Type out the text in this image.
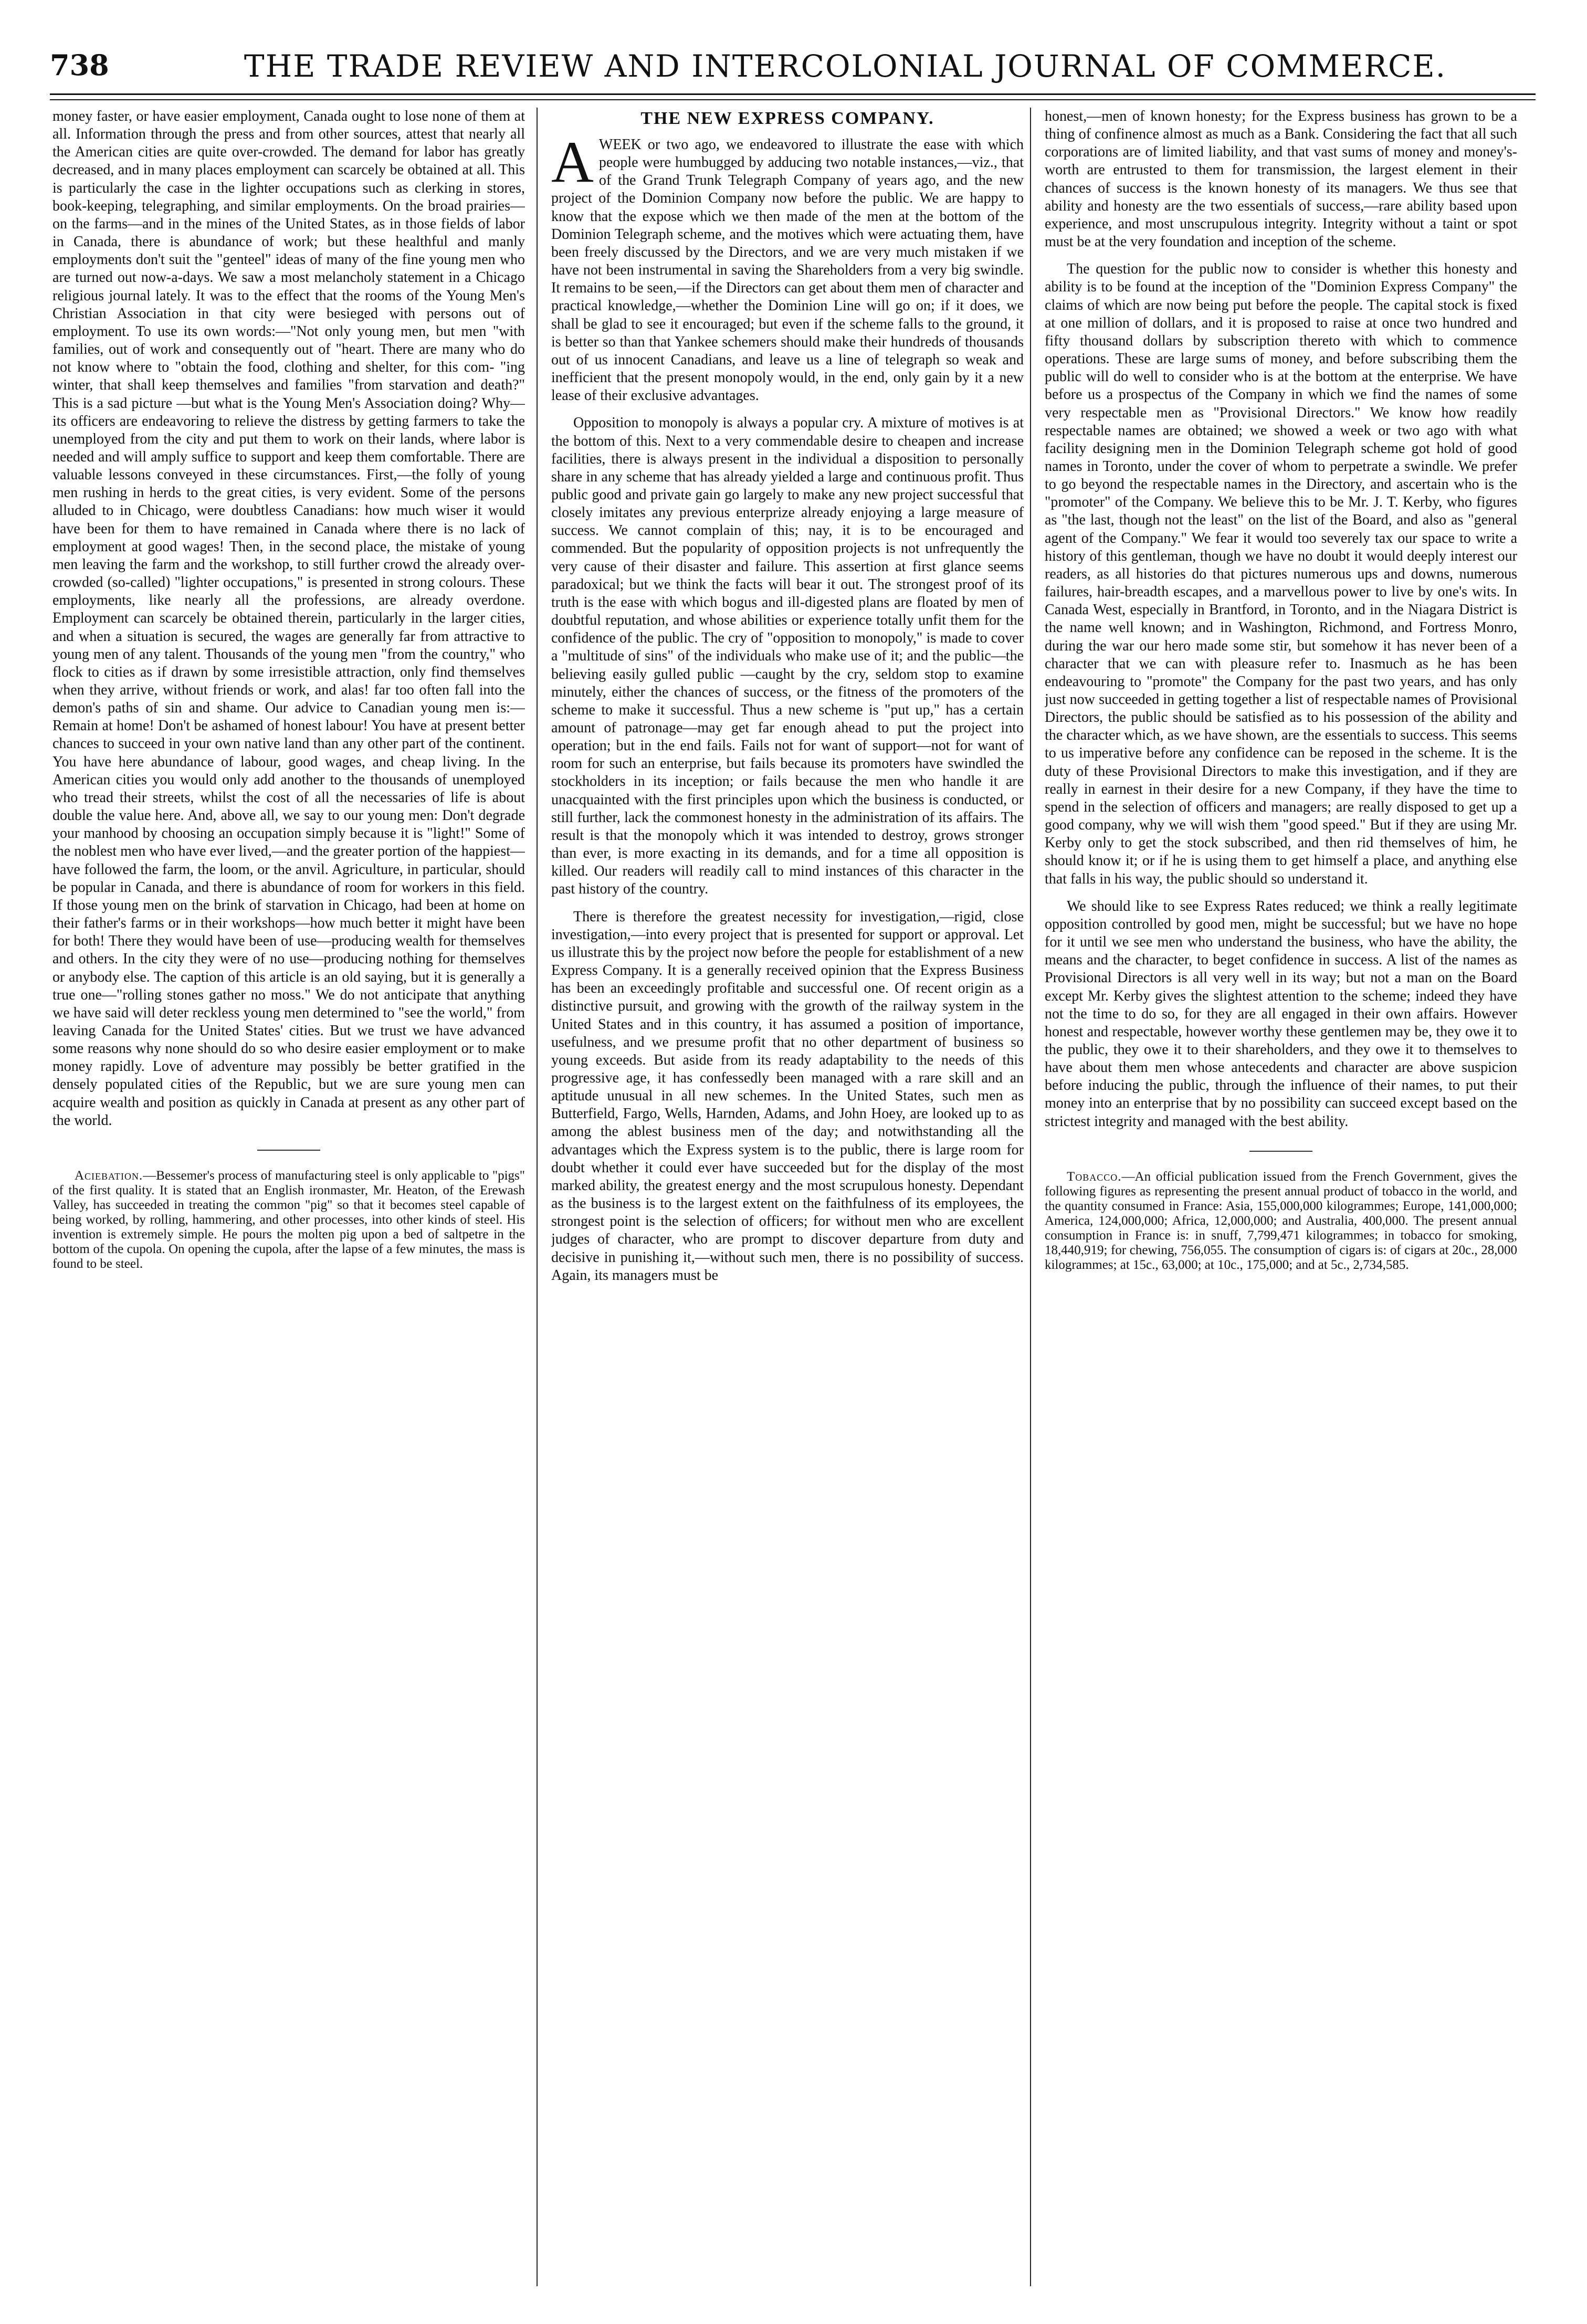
738	THE TRADE REVIEW AND INTERCOLONIAL JOURNAL OF COMMERCE.

money faster, or have easier employment, Canada ought to lose none of them at all. Information through the press and from other sources, attest that nearly all the American cities are quite over-crowded. The demand for labor has greatly decreased, and in many places employment can scarcely be obtained at all. This is particularly the case in the lighter occupations such as clerking in stores, book-keeping, telegraphing, and similar employments. On the broad prairies—on the farms—and in the mines of the United States, as in those fields of labor in Canada, there is abundance of work; but these healthful and manly employments don't suit the "genteel" ideas of many of the fine young men who are turned out now-a-days. We saw a most melancholy statement in a Chicago religious journal lately. It was to the effect that the rooms of the Young Men's Christian Association in that city were besieged with persons out of employment. To use its own words:—"Not only young men, but men "with families, out of work and consequently out of "heart. There are many who do not know where to "obtain the food, clothing and shelter, for this com- "ing winter, that shall keep themselves and families "from starvation and death?" This is a sad picture —but what is the Young Men's Association doing? Why—its officers are endeavoring to relieve the distress by getting farmers to take the unemployed from the city and put them to work on their lands, where labor is needed and will amply suffice to support and keep them comfortable. There are valuable lessons conveyed in these circumstances. First,—the folly of young men rushing in herds to the great cities, is very evident. Some of the persons alluded to in Chicago, were doubtless Canadians: how much wiser it would have been for them to have remained in Canada where there is no lack of employment at good wages! Then, in the second place, the mistake of young men leaving the farm and the workshop, to still further crowd the already over-crowded (so-called) "lighter occupations," is presented in strong colours. These employments, like nearly all the professions, are already overdone. Employment can scarcely be obtained therein, particularly in the larger cities, and when a situation is secured, the wages are generally far from attractive to young men of any talent. Thousands of the young men "from the country," who flock to cities as if drawn by some irresistible attraction, only find themselves when they arrive, without friends or work, and alas! far too often fall into the demon's paths of sin and shame. Our advice to Canadian young men is:—Remain at home! Don't be ashamed of honest labour! You have at present better chances to succeed in your own native land than any other part of the continent. You have here abundance of labour, good wages, and cheap living. In the American cities you would only add another to the thousands of unemployed who tread their streets, whilst the cost of all the necessaries of life is about double the value here. And, above all, we say to our young men: Don't degrade your manhood by choosing an occupation simply because it is "light!" Some of the noblest men who have ever lived,—and the greater portion of the happiest—have followed the farm, the loom, or the anvil. Agriculture, in particular, should be popular in Canada, and there is abundance of room for workers in this field. If those young men on the brink of starvation in Chicago, had been at home on their father's farms or in their workshops—how much better it might have been for both! There they would have been of use—producing wealth for themselves and others. In the city they were of no use—producing nothing for themselves or anybody else. The caption of this article is an old saying, but it is generally a true one—"rolling stones gather no moss." We do not anticipate that anything we have said will deter reckless young men determined to "see the world," from leaving Canada for the United States' cities. But we trust we have advanced some reasons why none should do so who desire easier employment or to make money rapidly. Love of adventure may possibly be better gratified in the densely populated cities of the Republic, but we are sure young men can acquire wealth and position as quickly in Canada at present as any other part of the world.

Aciebation.—Bessemer's process of manufacturing steel is only applicable to "pigs" of the first quality. It is stated that an English ironmaster, Mr. Heaton, of the Erewash Valley, has succeeded in treating the common "pig" so that it becomes steel capable of being worked, by rolling, hammering, and other processes, into other kinds of steel. His invention is extremely simple. He pours the molten pig upon a bed of saltpetre in the bottom of the cupola. On opening the cupola, after the lapse of a few minutes, the mass is found to be steel.

THE NEW EXPRESS COMPANY.

A WEEK or two ago, we endeavored to illustrate the ease with which people were humbugged by adducing two notable instances,—viz., that of the Grand Trunk Telegraph Company of years ago, and the new project of the Dominion Company now before the public. We are happy to know that the expose which we then made of the men at the bottom of the Dominion Telegraph scheme, and the motives which were actuating them, have been freely discussed by the Directors, and we are very much mistaken if we have not been instrumental in saving the Shareholders from a very big swindle. It remains to be seen,—if the Directors can get about them men of character and practical knowledge,—whether the Dominion Line will go on; if it does, we shall be glad to see it encouraged; but even if the scheme falls to the ground, it is better so than that Yankee schemers should make their hundreds of thousands out of us innocent Canadians, and leave us a line of telegraph so weak and inefficient that the present monopoly would, in the end, only gain by it a new lease of their exclusive advantages.

Opposition to monopoly is always a popular cry. A mixture of motives is at the bottom of this. Next to a very commendable desire to cheapen and increase facilities, there is always present in the individual a disposition to personally share in any scheme that has already yielded a large and continuous profit. Thus public good and private gain go largely to make any new project successful that closely imitates any previous enterprize already enjoying a large measure of success. We cannot complain of this; nay, it is to be encouraged and commended. But the popularity of opposition projects is not unfrequently the very cause of their disaster and failure. This assertion at first glance seems paradoxical; but we think the facts will bear it out. The strongest proof of its truth is the ease with which bogus and ill-digested plans are floated by men of doubtful reputation, and whose abilities or experience totally unfit them for the confidence of the public. The cry of "opposition to monopoly," is made to cover a "multitude of sins" of the individuals who make use of it; and the public—the believing easily gulled public —caught by the cry, seldom stop to examine minutely, either the chances of success, or the fitness of the promoters of the scheme to make it successful. Thus a new scheme is "put up," has a certain amount of patronage—may get far enough ahead to put the project into operation; but in the end fails. Fails not for want of support—not for want of room for such an enterprise, but fails because its promoters have swindled the stockholders in its inception; or fails because the men who handle it are unacquainted with the first principles upon which the business is conducted, or still further, lack the commonest honesty in the administration of its affairs. The result is that the monopoly which it was intended to destroy, grows stronger than ever, is more exacting in its demands, and for a time all opposition is killed. Our readers will readily call to mind instances of this character in the past history of the country.

There is therefore the greatest necessity for investigation,—rigid, close investigation,—into every project that is presented for support or approval. Let us illustrate this by the project now before the people for establishment of a new Express Company. It is a generally received opinion that the Express Business has been an exceedingly profitable and successful one. Of recent origin as a distinctive pursuit, and growing with the growth of the railway system in the United States and in this country, it has assumed a position of importance, usefulness, and we presume profit that no other department of business so young exceeds. But aside from its ready adaptability to the needs of this progressive age, it has confessedly been managed with a rare skill and an aptitude unusual in all new schemes. In the United States, such men as Butterfield, Fargo, Wells, Harnden, Adams, and John Hoey, are looked up to as among the ablest business men of the day; and notwithstanding all the advantages which the Express system is to the public, there is large room for doubt whether it could ever have succeeded but for the display of the most marked ability, the greatest energy and the most scrupulous honesty. Dependant as the business is to the largest extent on the faithfulness of its employees, the strongest point is the selection of officers; for without men who are excellent judges of character, who are prompt to discover departure from duty and decisive in punishing it,—without such men, there is no possibility of success. Again, its managers must be

honest,—men of known honesty; for the Express business has grown to be a thing of confinence almost as much as a Bank. Considering the fact that all such corporations are of limited liability, and that vast sums of money and money's-worth are entrusted to them for transmission, the largest element in their chances of success is the known honesty of its managers. We thus see that ability and honesty are the two essentials of success,—rare ability based upon experience, and most unscrupulous integrity. Integrity without a taint or spot must be at the very foundation and inception of the scheme.

The question for the public now to consider is whether this honesty and ability is to be found at the inception of the "Dominion Express Company" the claims of which are now being put before the people. The capital stock is fixed at one million of dollars, and it is proposed to raise at once two hundred and fifty thousand dollars by subscription thereto with which to commence operations. These are large sums of money, and before subscribing them the public will do well to consider who is at the bottom at the enterprise. We have before us a prospectus of the Company in which we find the names of some very respectable men as "Provisional Directors." We know how readily respectable names are obtained; we showed a week or two ago with what facility designing men in the Dominion Telegraph scheme got hold of good names in Toronto, under the cover of whom to perpetrate a swindle. We prefer to go beyond the respectable names in the Directory, and ascertain who is the "promoter" of the Company. We believe this to be Mr. J. T. Kerby, who figures as "the last, though not the least" on the list of the Board, and also as "general agent of the Company." We fear it would too severely tax our space to write a history of this gentleman, though we have no doubt it would deeply interest our readers, as all histories do that pictures numerous ups and downs, numerous failures, hair-breadth escapes, and a marvellous power to live by one's wits. In Canada West, especially in Brantford, in Toronto, and in the Niagara District is the name well known; and in Washington, Richmond, and Fortress Monro, during the war our hero made some stir, but somehow it has never been of a character that we can with pleasure refer to. Inasmuch as he has been endeavouring to "promote" the Company for the past two years, and has only just now succeeded in getting together a list of respectable names of Provisional Directors, the public should be satisfied as to his possession of the ability and the character which, as we have shown, are the essentials to success. This seems to us imperative before any confidence can be reposed in the scheme. It is the duty of these Provisional Directors to make this investigation, and if they are really in earnest in their desire for a new Company, if they have the time to spend in the selection of officers and managers; are really disposed to get up a good company, why we will wish them "good speed." But if they are using Mr. Kerby only to get the stock subscribed, and then rid themselves of him, he should know it; or if he is using them to get himself a place, and anything else that falls in his way, the public should so understand it.

We should like to see Express Rates reduced; we think a really legitimate opposition controlled by good men, might be successful; but we have no hope for it until we see men who understand the business, who have the ability, the means and the character, to beget confidence in success. A list of the names as Provisional Directors is all very well in its way; but not a man on the Board except Mr. Kerby gives the slightest attention to the scheme; indeed they have not the time to do so, for they are all engaged in their own affairs. However honest and respectable, however worthy these gentlemen may be, they owe it to the public, they owe it to their shareholders, and they owe it to themselves to have about them men whose antecedents and character are above suspicion before inducing the public, through the influence of their names, to put their money into an enterprise that by no possibility can succeed except based on the strictest integrity and managed with the best ability.

Tobacco.—An official publication issued from the French Government, gives the following figures as representing the present annual product of tobacco in the world, and the quantity consumed in France: Asia, 155,000,000 kilogrammes; Europe, 141,000,000; America, 124,000,000; Africa, 12,000,000; and Australia, 400,000. The present annual consumption in France is: in snuff, 7,799,471 kilogrammes; in tobacco for smoking, 18,440,919; for chewing, 756,055. The consumption of cigars is: of cigars at 20c., 28,000 kilogrammes; at 15c., 63,000; at 10c., 175,000; and at 5c., 2,734,585.
